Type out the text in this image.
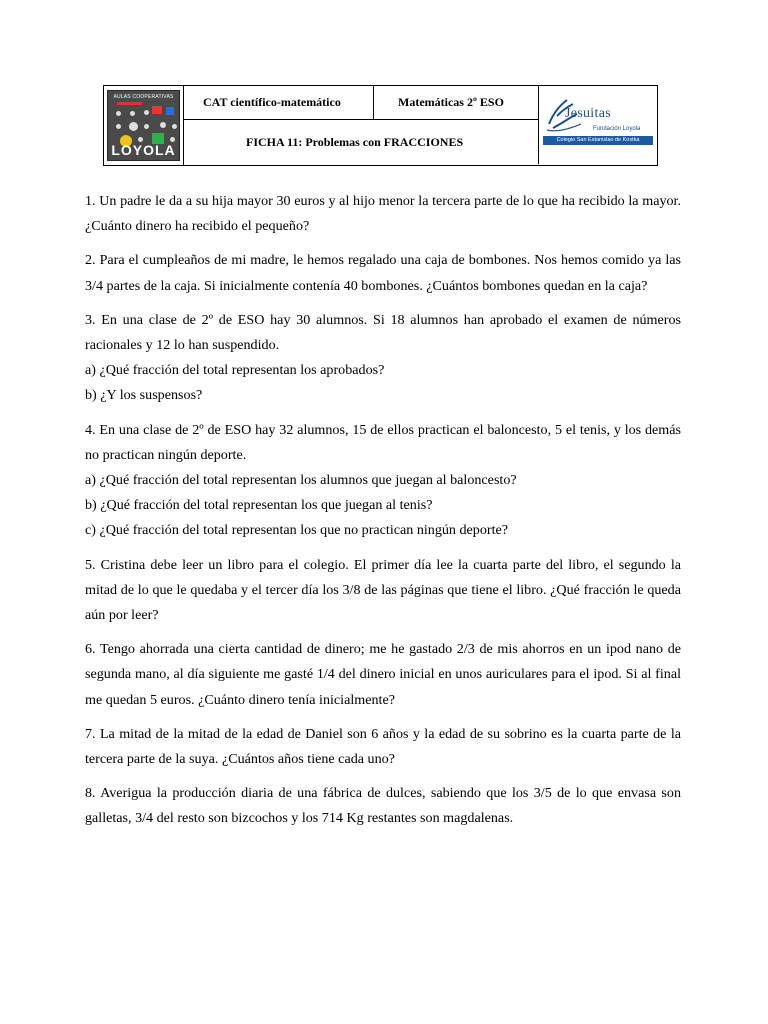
AULAS COOPERATIVAS
LOYOLA
CAT científico-matemático	Matemáticas 2º ESO
FICHA 11: Problemas con FRACCIONES
Jesuitas
Fundación Loyola
Colegio San Estanislao de Kostka

1. Un padre le da a su hija mayor 30 euros y al hijo menor la tercera parte de lo que ha recibido la mayor. ¿Cuánto dinero ha recibido el pequeño?

2. Para el cumpleaños de mi madre, le hemos regalado una caja de bombones. Nos hemos comido ya las 3/4 partes de la caja. Si inicialmente contenía 40 bombones. ¿Cuántos bombones quedan en la caja?

3. En una clase de 2º de ESO hay 30 alumnos. Si 18 alumnos han aprobado el examen de números racionales y 12 lo han suspendido.

a) ¿Qué fracción del total representan los aprobados?
b) ¿Y los suspensos?

4. En una clase de 2º de ESO hay 32 alumnos, 15 de ellos practican el baloncesto, 5 el tenis, y los demás no practican ningún deporte.

a) ¿Qué fracción del total representan los alumnos que juegan al baloncesto?
b) ¿Qué fracción del total representan los que juegan al tenis?
c) ¿Qué fracción del total representan los que no practican ningún deporte?

5. Cristina debe leer un libro para el colegio. El primer día lee la cuarta parte del libro, el segundo la mitad de lo que le quedaba y el tercer día los 3/8 de las páginas que tiene el libro. ¿Qué fracción le queda aún por leer?

6. Tengo ahorrada una cierta cantidad de dinero; me he gastado 2/3 de mis ahorros en un ipod nano de segunda mano, al día siguiente me gasté 1/4 del dinero inicial en unos auriculares para el ipod. Si al final me quedan 5 euros. ¿Cuánto dinero tenía inicialmente?

7. La mitad de la mitad de la edad de Daniel son 6 años y la edad de su sobrino es la cuarta parte de la tercera parte de la suya. ¿Cuántos años tiene cada uno?

8. Averigua la producción diaria de una fábrica de dulces, sabiendo que los 3/5 de lo que envasa son galletas, 3/4 del resto son bizcochos y los 714 Kg restantes son magdalenas.
